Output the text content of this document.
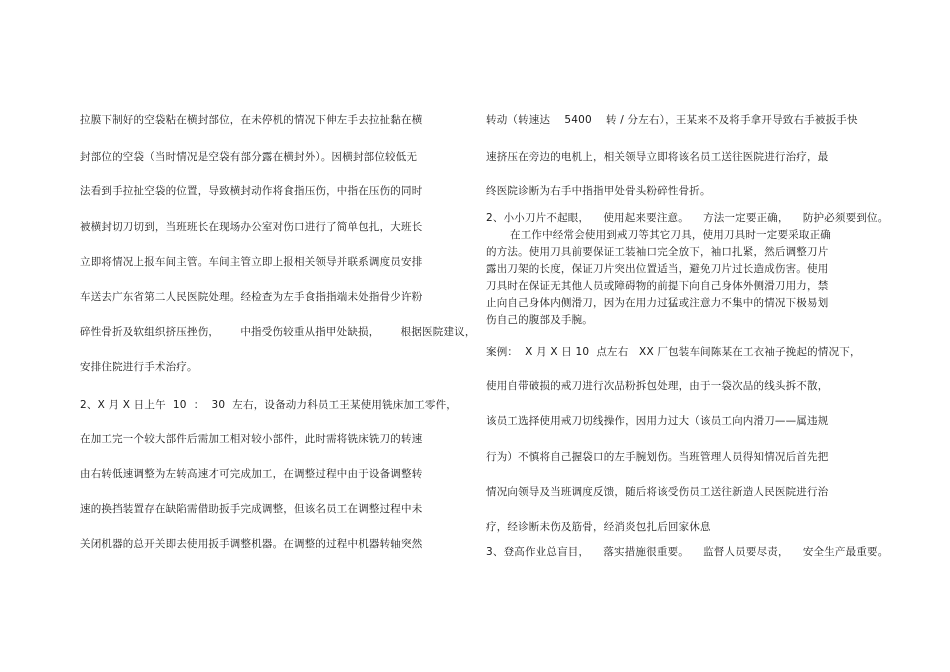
拉膜下制好的空袋粘在横封部位，在未停机的情况下伸左手去拉扯黏在横
封部位的空袋（当时情况是空袋有部分露在横封外）。因横封部位较低无
法看到手拉扯空袋的位置，导致横封动作将食指压伤，中指在压伤的同时
被横封切刀切到，当班班长在现场办公室对伤口进行了简单包扎，大班长
立即将情况上报车间主管。车间主管立即上报相关领导并联系调度员安排
车送去广东省第二人民医院处理。经检查为左手食指指端未处指骨少许粉
碎性骨折及软组织挤压挫伤，      中指受伤较重从指甲处缺损，      根据医院建议，
安排住院进行手术治疗。
2、X 月 X 日上午  10  ：  30  左右，设备动力科员工王某使用铣床加工零件，
在加工完一个较大部件后需加工相对较小部件，此时需将铣床铣刀的转速
由右转低速调整为左转高速才可完成加工，在调整过程中由于设备调整转
速的换挡装置存在缺陷需借助扳手完成调整，但该名员工在调整过程中未
关闭机器的总开关即去使用扳手调整机器。在调整的过程中机器转轴突然
转动（转速达    5400    转 / 分左右），王某来不及将手拿开导致右手被扳手快
速挤压在旁边的电机上，相关领导立即将该名员工送往医院进行治疗，最
终医院诊断为右手中指指甲处骨头粉碎性骨折。
2、小小刀片不起眼，    使用起来要注意。    方法一定要正确，    防护必须要到位。
在工作中经常会使用到戒刀等其它刀具，使用刀具时一定要采取正确
的方法。使用刀具前要保证工装袖口完全放下，袖口扎紧，然后调整刀片
露出刀架的长度，保证刀片突出位置适当，避免刀片过长造成伤害。使用
刀具时在保证无其他人员或障碍物的前提下向自己身体外侧滑刀用力，禁
止向自己身体内侧滑刀，因为在用力过猛或注意力不集中的情况下极易划
伤自己的腹部及手腕。
案例：  X 月 X 日 10  点左右   XX 厂包装车间陈某在工衣袖子挽起的情况下，
使用自带破损的戒刀进行次品粉拆包处理，由于一袋次品的线头拆不散，
该员工选择使用戒刀切线操作，因用力过大（该员工向内滑刀——属违规
行为）不慎将自己握袋口的左手腕划伤。当班管理人员得知情况后首先把
情况向领导及当班调度反馈，随后将该受伤员工送往新造人民医院进行治
疗，经诊断未伤及筋骨，经消炎包扎后回家休息
3、登高作业总盲目，    落实措施很重要。    监督人员要尽责，    安全生产最重要。
